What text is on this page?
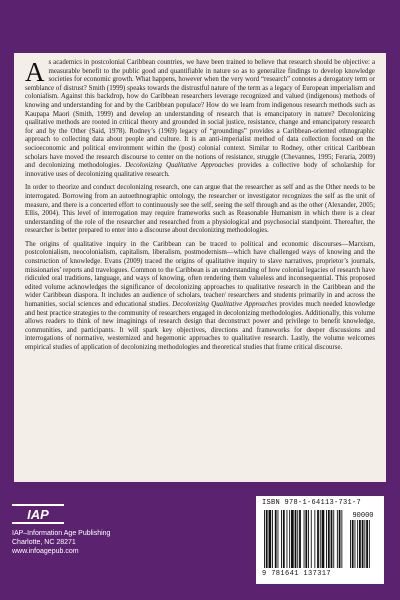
As academics in postcolonial Caribbean countries, we have been trained to believe that research should be objective: a measurable benefit to the public good and quantifiable in nature so as to generalize findings to develop knowledge societies for economic growth. What happens, however when the very word “research” connotes a derogatory term or semblance of distrust? Smith (1999) speaks towards the distrustful nature of the term as a legacy of European imperialism and colonialism. Against this backdrop, how do Caribbean researchers leverage recognized and valued (indigenous) methods of knowing and understanding for and by the Caribbean populace? How do we learn from indigenous research methods such as Kaupapa Maori (Smith, 1999) and develop an understanding of research that is emancipatory in nature? Decolonizing qualitative methods are rooted in critical theory and grounded in social justice, resistance, change and emancipatory research for and by the Other (Said, 1978). Rodney’s (1969) legacy of “groundings” provides a Caribbean-oriented ethnographic approach to collecting data about people and culture. It is an anti-imperialist method of data collection focused on the socioeconomic and political environment within the (post) colonial context. Similar to Rodney, other critical Caribbean scholars have moved the research discourse to center on the notions of resistance, struggle (Chevannes, 1995; Feraria, 2009) and decolonizing methodologies. Decolonizing Qualitative Approaches provides a collective body of scholarship for innovative uses of decolonizing qualitative research.

In order to theorize and conduct decolonizing research, one can argue that the researcher as self and as the Other needs to be interrogated. Borrowing from an autoethnographic ontology, the researcher or investigator recognizes the self as the unit of measure, and there is a concerted effort to continuously see the self, seeing the self through and as the other (Alexander, 2005; Ellis, 2004). This level of interrogation may require frameworks such as Reasonable Humanism in which there is a clear understanding of the role of the researcher and researched from a physiological and psychosocial standpoint. Thereafter, the researcher is better prepared to enter into a discourse about decolonizing methodologies.

The origins of qualitative inquiry in the Caribbean can be traced to political and economic discourses—Marxism, postcolonialism, neocolonialism, capitalism, liberalism, postmodernism—which have challenged ways of knowing and the construction of knowledge. Evans (2009) traced the origins of qualitative inquiry to slave narratives, proprietor’s journals, missionaries’ reports and travelogues. Common to the Caribbean is an understanding of how colonial legacies of research have ridiculed oral traditions, language, and ways of knowing, often rendering them valueless and inconsequential. This proposed edited volume acknowledges the significance of decolonizing approaches to qualitative research in the Caribbean and the wider Caribbean diaspora. It includes an audience of scholars, teacher/ researchers and students primarily in and across the humanities, social sciences and educational studies. Decolonizing Qualitative Approaches provides much needed knowledge and best practice strategies to the community of researchers engaged in decolonizing methodologies. Additionally, this volume allows readers to think of new imaginings of research design that deconstruct power and privilege to benefit knowledge, communities, and participants. It will spark key objectives, directions and frameworks for deeper discussions and interrogations of normative, westernized and hegemonic approaches to qualitative research. Lastly, the volume welcomes empirical studies of application of decolonizing methodologies and theoretical studies that frame critical discourse.

IAP
IAP–Information Age Publishing
Charlotte, NC 28271
www.infoagepub.com
ISBN 978-1-64113-731-7
90000
9 781641 137317
